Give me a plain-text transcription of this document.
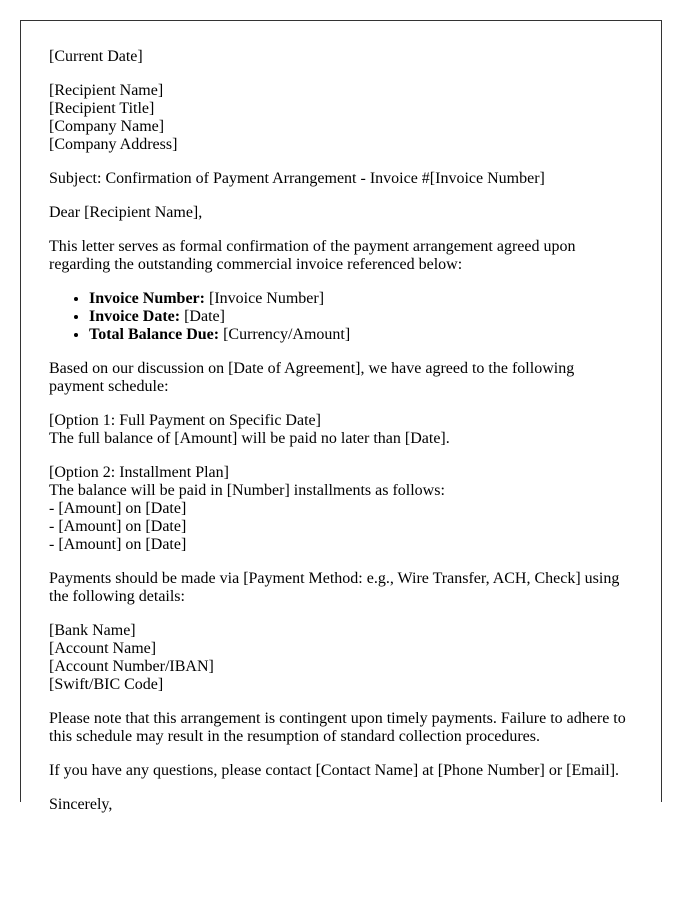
[Current Date]

[Recipient Name]
[Recipient Title]
[Company Name]
[Company Address]

Subject: Confirmation of Payment Arrangement - Invoice #[Invoice Number]

Dear [Recipient Name],

This letter serves as formal confirmation of the payment arrangement agreed upon regarding the outstanding commercial invoice referenced below:

• Invoice Number: [Invoice Number]
• Invoice Date: [Date]
• Total Balance Due: [Currency/Amount]

Based on our discussion on [Date of Agreement], we have agreed to the following payment schedule:

[Option 1: Full Payment on Specific Date]
The full balance of [Amount] will be paid no later than [Date].

[Option 2: Installment Plan]
The balance will be paid in [Number] installments as follows:
- [Amount] on [Date]
- [Amount] on [Date]
- [Amount] on [Date]

Payments should be made via [Payment Method: e.g., Wire Transfer, ACH, Check] using the following details:

[Bank Name]
[Account Name]
[Account Number/IBAN]
[Swift/BIC Code]

Please note that this arrangement is contingent upon timely payments. Failure to adhere to this schedule may result in the resumption of standard collection procedures.

If you have any questions, please contact [Contact Name] at [Phone Number] or [Email].

Sincerely,
